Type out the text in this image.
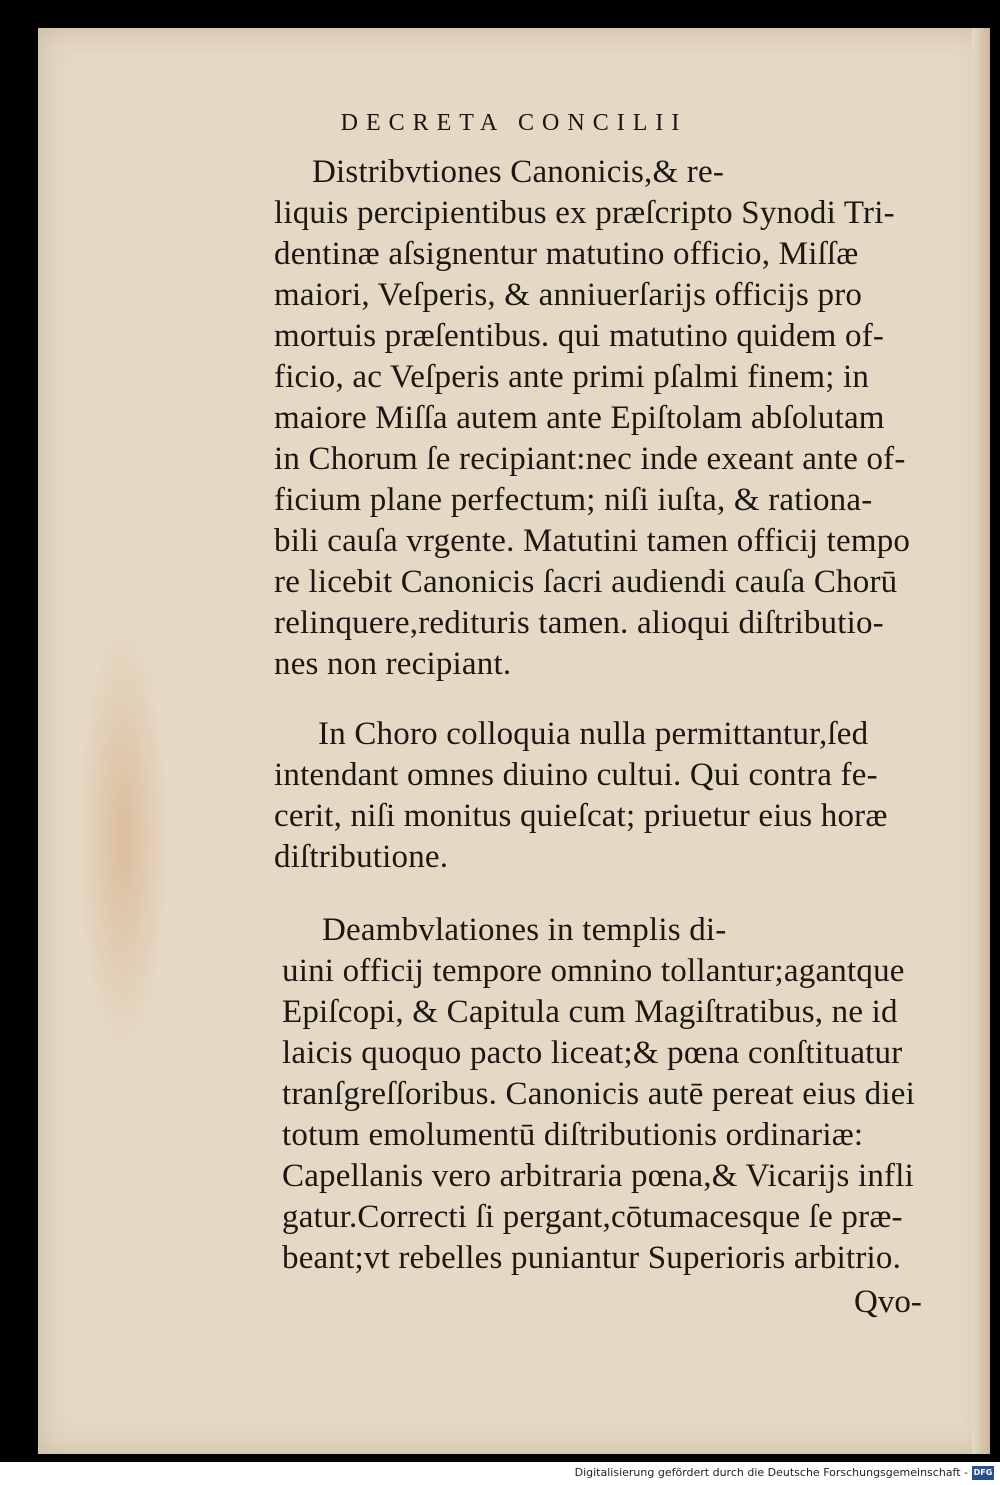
DECRETA CONCILII
Distribvtiones Canonicis,& re-
liquis percipientibus ex præſcripto Synodi Tri-
dentinæ aſsignentur matutino officio, Miſſæ
maiori, Veſperis, & anniuerſarijs officijs pro
mortuis præſentibus. qui matutino quidem of-
ficio, ac Veſperis ante primi pſalmi finem; in
maiore Miſſa autem ante Epiſtolam abſolutam
in Chorum ſe recipiant:nec inde exeant ante of-
ficium plane perfectum; niſi iuſta, & rationa-
bili cauſa vrgente. Matutini tamen officij tempo
re licebit Canonicis ſacri audiendi cauſa Chorū
relinquere,redituris tamen. alioqui diſtributio-
nes non recipiant.
In Choro colloquia nulla permittantur,ſed
intendant omnes diuino cultui. Qui contra fe-
cerit, niſi monitus quieſcat; priuetur eius horæ
diſtributione.
Deambvlationes in templis di-
uini officij tempore omnino tollantur;agantque
Epiſcopi, & Capitula cum Magiſtratibus, ne id
laicis quoquo pacto liceat;& pœna conſtituatur
tranſgreſſoribus. Canonicis autē pereat eius diei
totum emolumentū diſtributionis ordinariæ:
Capellanis vero arbitraria pœna,& Vicarijs infli
gatur.Correcti ſi pergant,cōtumacesque ſe præ-
beant;vt rebelles puniantur Superioris arbitrio.
Qvo-
Digitalisierung gefördert durch die Deutsche Forschungsgemeinschaft - DFG
